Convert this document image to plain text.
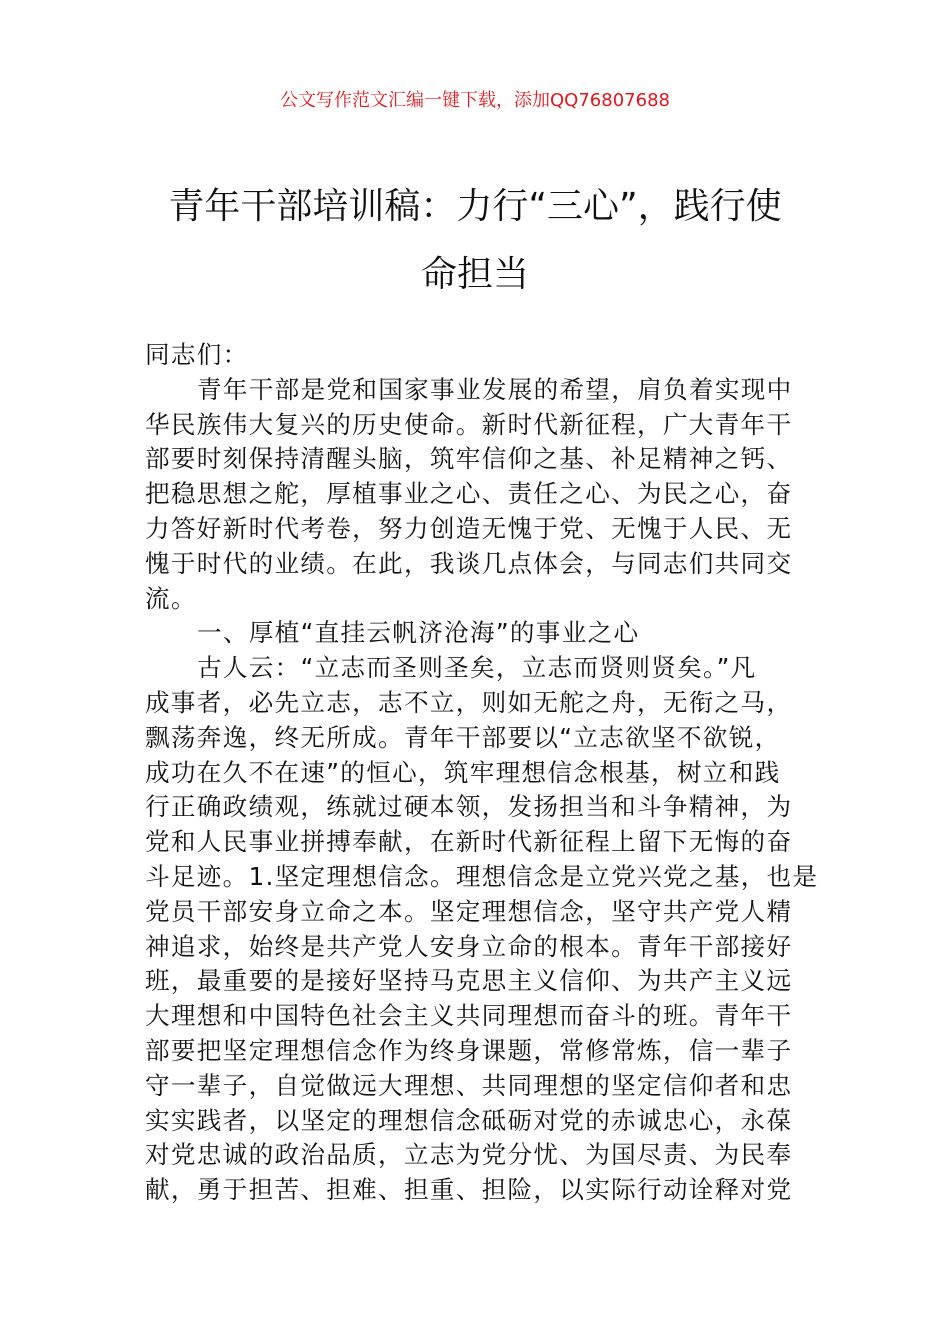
公文写作范文汇编一键下载，添加QQ76807688
青年干部培训稿：力行“三心”，践行使
命担当
同志们：
青年干部是党和国家事业发展的希望，肩负着实现中
华民族伟大复兴的历史使命。新时代新征程，广大青年干
部要时刻保持清醒头脑，筑牢信仰之基、补足精神之钙、
把稳思想之舵，厚植事业之心、责任之心、为民之心，奋
力答好新时代考卷，努力创造无愧于党、无愧于人民、无
愧于时代的业绩。在此，我谈几点体会，与同志们共同交
流。
一、厚植“直挂云帆济沧海”的事业之心
古人云：“立志而圣则圣矣，立志而贤则贤矣。”凡
成事者，必先立志，志不立，则如无舵之舟，无衔之马，
飘荡奔逸，终无所成。青年干部要以“立志欲坚不欲锐，
成功在久不在速”的恒心，筑牢理想信念根基，树立和践
行正确政绩观，练就过硬本领，发扬担当和斗争精神，为
党和人民事业拼搏奉献，在新时代新征程上留下无悔的奋
斗足迹。1.坚定理想信念。理想信念是立党兴党之基，也是
党员干部安身立命之本。坚定理想信念，坚守共产党人精
神追求，始终是共产党人安身立命的根本。青年干部接好
班，最重要的是接好坚持马克思主义信仰、为共产主义远
大理想和中国特色社会主义共同理想而奋斗的班。青年干
部要把坚定理想信念作为终身课题，常修常炼，信一辈子
守一辈子，自觉做远大理想、共同理想的坚定信仰者和忠
实实践者，以坚定的理想信念砥砺对党的赤诚忠心，永葆
对党忠诚的政治品质，立志为党分忧、为国尽责、为民奉
献，勇于担苦、担难、担重、担险，以实际行动诠释对党
